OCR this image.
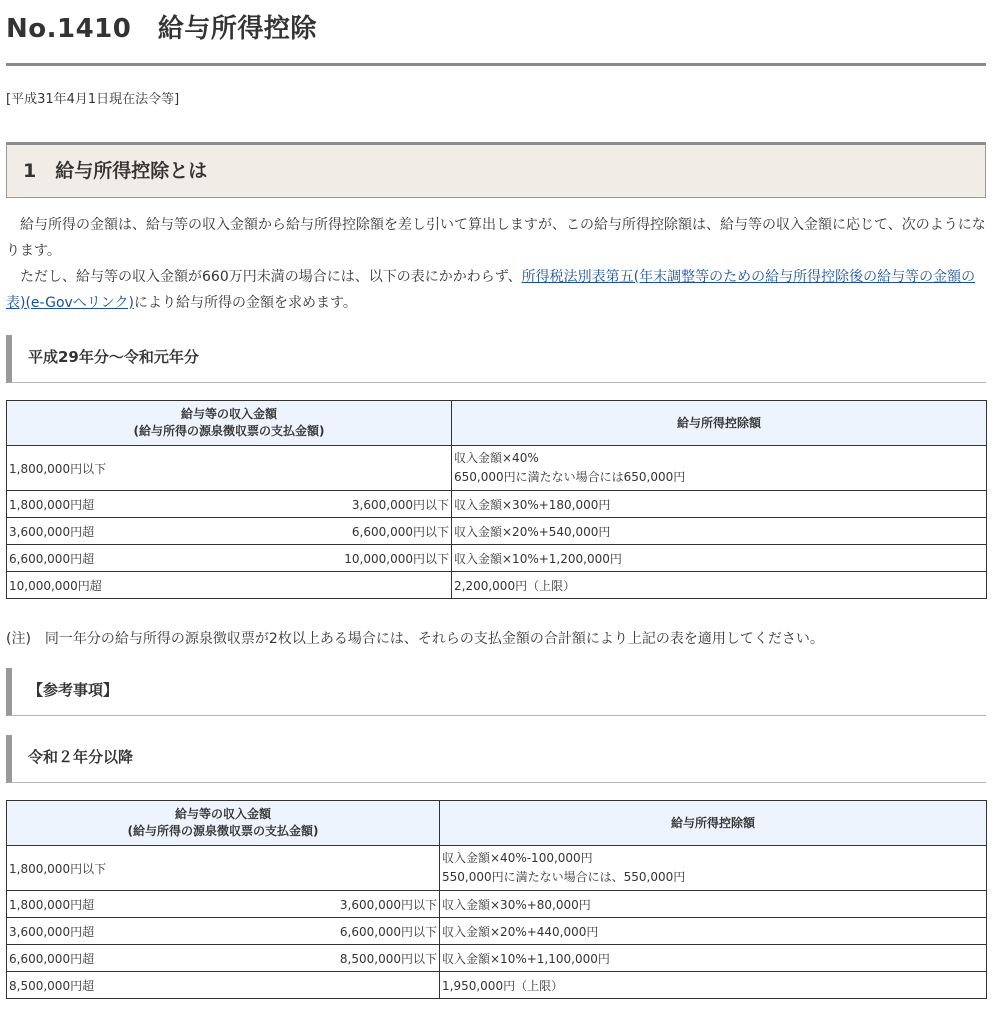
No.1410　給与所得控除
[平成31年4月1日現在法令等]
1　給与所得控除とは

給与所得の金額は、給与等の収入金額から給与所得控除額を差し引いて算出しますが、この給与所得控除額は、給与等の収入金額に応じて、次のようになります。

ただし、給与等の収入金額が660万円未満の場合には、以下の表にかかわらず、所得税法別表第五(年末調整等のための給与所得控除後の給与等の金額の表)(e-Govへリンク)により給与所得の金額を求めます。

平成29年分～令和元年分
給与等の収入金額
(給与所得の源泉徴収票の支払金額)	給与所得控除額

1,800,000円以下	収入金額×40%
650,000円に満たない場合には650,000円

1,800,000円超 3,600,000円以下	収入金額×30%+180,000円

3,600,000円超 6,600,000円以下	収入金額×20%+540,000円

6,600,000円超 10,000,000円以下	収入金額×10%+1,200,000円

10,000,000円超	2,200,000円（上限）
(注)　同一年分の給与所得の源泉徴収票が2枚以上ある場合には、それらの支払金額の合計額により上記の表を適用してください。
【参考事項】
令和２年分以降
給与等の収入金額
(給与所得の源泉徴収票の支払金額)	給与所得控除額

1,800,000円以下	収入金額×40%-100,000円
550,000円に満たない場合には、550,000円

1,800,000円超 3,600,000円以下	収入金額×30%+80,000円

3,600,000円超 6,600,000円以下	収入金額×20%+440,000円

6,600,000円超 8,500,000円以下	収入金額×10%+1,100,000円

8,500,000円超	1,950,000円（上限）
